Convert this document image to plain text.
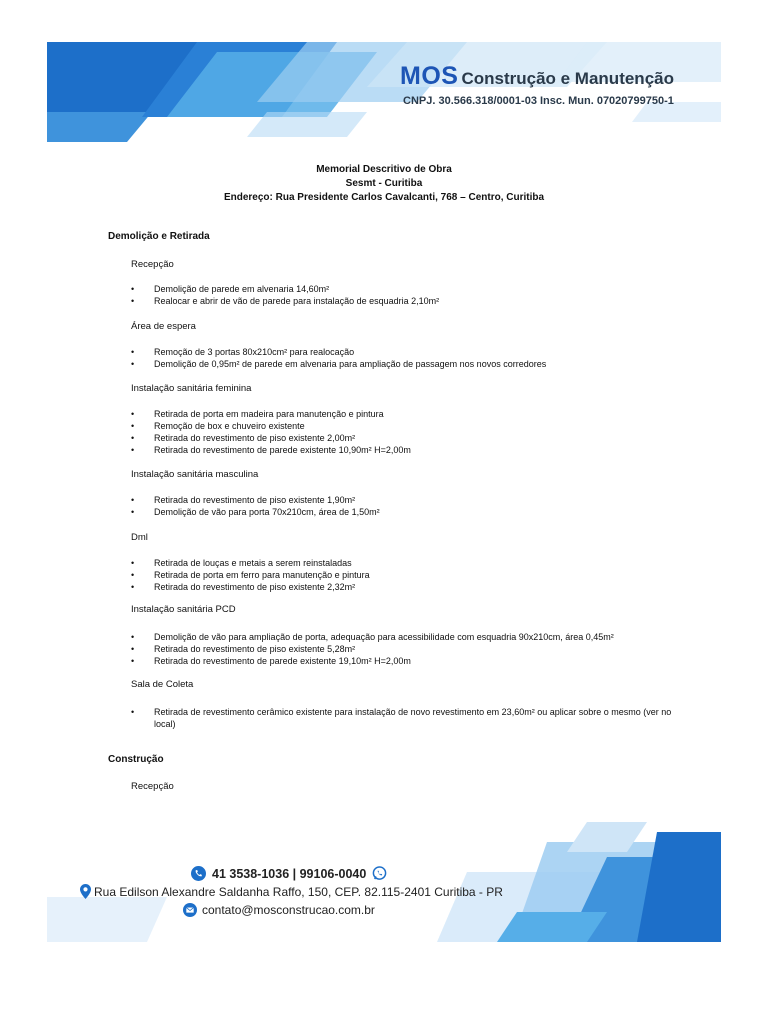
MOS Construção e Manutenção
CNPJ. 30.566.318/0001-03 Insc. Mun. 07020799750-1
Memorial Descritivo de Obra
Sesmt - Curitiba
Endereço: Rua Presidente Carlos Cavalcanti, 768 – Centro, Curitiba
Demolição e Retirada
Recepção
• Demolição de parede em alvenaria 14,60m²
• Realocar e abrir de vão de parede para instalação de esquadria 2,10m²
Área de espera
• Remoção de 3 portas 80x210cm² para realocação
• Demolição de 0,95m² de parede em alvenaria para ampliação de passagem nos novos corredores
Instalação sanitária feminina
• Retirada de porta em madeira para manutenção e pintura
• Remoção de box e chuveiro existente
• Retirada do revestimento de piso existente 2,00m²
• Retirada do revestimento de parede existente 10,90m² H=2,00m
Instalação sanitária masculina
• Retirada do revestimento de piso existente 1,90m²
• Demolição de vão para porta 70x210cm, área de 1,50m²
Dml
• Retirada de louças e metais a serem reinstaladas
• Retirada de porta em ferro para manutenção e pintura
• Retirada do revestimento de piso existente 2,32m²
Instalação sanitária PCD
• Demolição de vão para ampliação de porta, adequação para acessibilidade com esquadria 90x210cm, área 0,45m²
• Retirada do revestimento de piso existente 5,28m²
• Retirada do revestimento de parede existente 19,10m² H=2,00m
Sala de Coleta
• Retirada de revestimento cerâmico existente para instalação de novo revestimento em 23,60m² ou aplicar sobre o mesmo (ver no local)
Construção
Recepção
41 3538-1036 | 99106-0040
Rua Edilson Alexandre Saldanha Raffo, 150, CEP. 82.115-2401 Curitiba - PR
contato@mosconstrucao.com.br
